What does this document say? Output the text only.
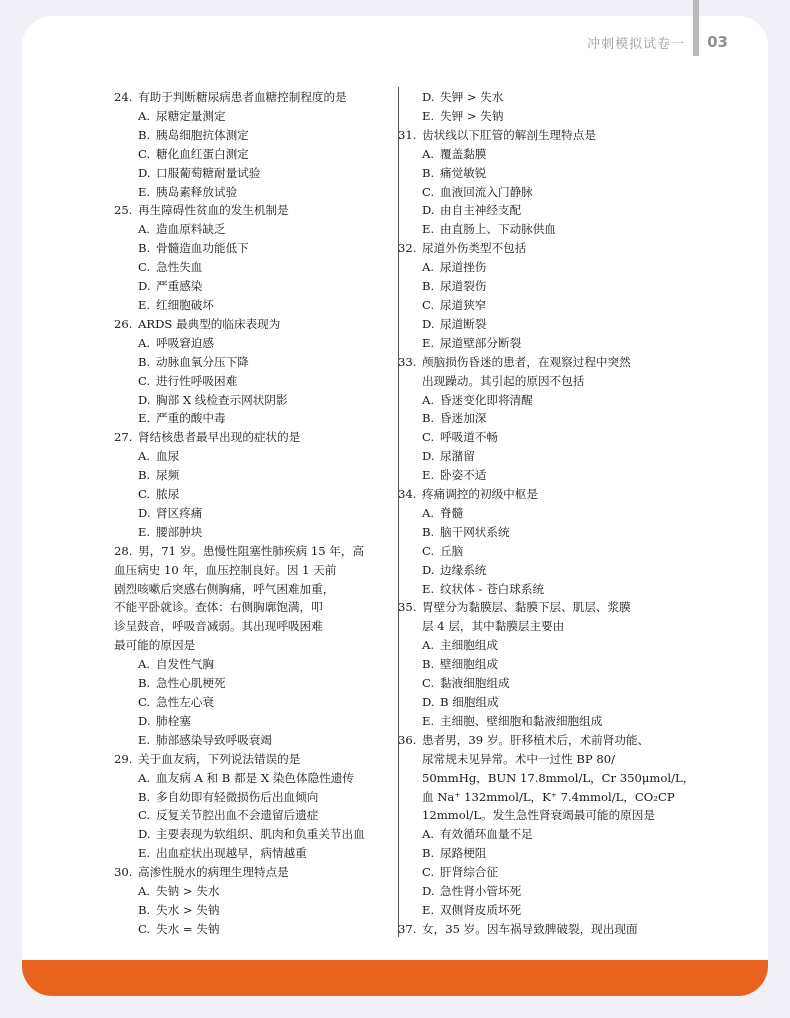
冲刺模拟试卷一 03
24. 有助于判断糖尿病患者血糖控制程度的是
A. 尿糖定量测定
B. 胰岛细胞抗体测定
C. 糖化血红蛋白测定
D. 口服葡萄糖耐量试验
E. 胰岛素释放试验
25. 再生障碍性贫血的发生机制是
A. 造血原料缺乏
B. 骨髓造血功能低下
C. 急性失血
D. 严重感染
E. 红细胞破坏
26. ARDS 最典型的临床表现为
A. 呼吸窘迫感
B. 动脉血氧分压下降
C. 进行性呼吸困难
D. 胸部 X 线检查示网状阴影
E. 严重的酸中毒
27. 肾结核患者最早出现的症状的是
A. 血尿
B. 尿频
C. 脓尿
D. 肾区疼痛
E. 腰部肿块
28. 男，71 岁。患慢性阻塞性肺疾病 15 年，高
血压病史 10 年，血压控制良好。因 1 天前
剧烈咳嗽后突感右侧胸痛，呼气困难加重，
不能平卧就诊。查体：右侧胸廓饱满，叩
诊呈鼓音，呼吸音减弱。其出现呼吸困难
最可能的原因是
A. 自发性气胸
B. 急性心肌梗死
C. 急性左心衰
D. 肺栓塞
E. 肺部感染导致呼吸衰竭
29. 关于血友病，下列说法错误的是
A. 血友病 A 和 B 都是 X 染色体隐性遗传
B. 多自幼即有轻微损伤后出血倾向
C. 反复关节腔出血不会遗留后遗症
D. 主要表现为软组织、肌肉和负重关节出血
E. 出血症状出现越早，病情越重
30. 高渗性脱水的病理生理特点是
A. 失钠 > 失水
B. 失水 > 失钠
C. 失水 = 失钠
D. 失钾 > 失水
E. 失钾 > 失钠
31. 齿状线以下肛管的解剖生理特点是
A. 覆盖黏膜
B. 痛觉敏锐
C. 血液回流入门静脉
D. 由自主神经支配
E. 由直肠上、下动脉供血
32. 尿道外伤类型不包括
A. 尿道挫伤
B. 尿道裂伤
C. 尿道狭窄
D. 尿道断裂
E. 尿道壁部分断裂
33. 颅脑损伤昏迷的患者，在观察过程中突然
出现躁动。其引起的原因不包括
A. 昏迷变化即将清醒
B. 昏迷加深
C. 呼吸道不畅
D. 尿潴留
E. 卧姿不适
34. 疼痛调控的初级中枢是
A. 脊髓
B. 脑干网状系统
C. 丘脑
D. 边缘系统
E. 纹状体 - 苍白球系统
35. 胃壁分为黏膜层、黏膜下层、肌层、浆膜
层 4 层，其中黏膜层主要由
A. 主细胞组成
B. 壁细胞组成
C. 黏液细胞组成
D. B 细胞组成
E. 主细胞、壁细胞和黏液细胞组成
36. 患者男，39 岁。肝移植术后，术前肾功能、
尿常规未见异常。术中一过性 BP 80/
50mmHg，BUN 17.8mmol/L，Cr 350μmol/L，
血 Na⁺ 132mmol/L，K⁺ 7.4mmol/L，CO₂CP
12mmol/L。发生急性肾衰竭最可能的原因是
A. 有效循环血量不足
B. 尿路梗阻
C. 肝肾综合征
D. 急性肾小管坏死
E. 双侧肾皮质坏死
37. 女，35 岁。因车祸导致脾破裂，现出现面
